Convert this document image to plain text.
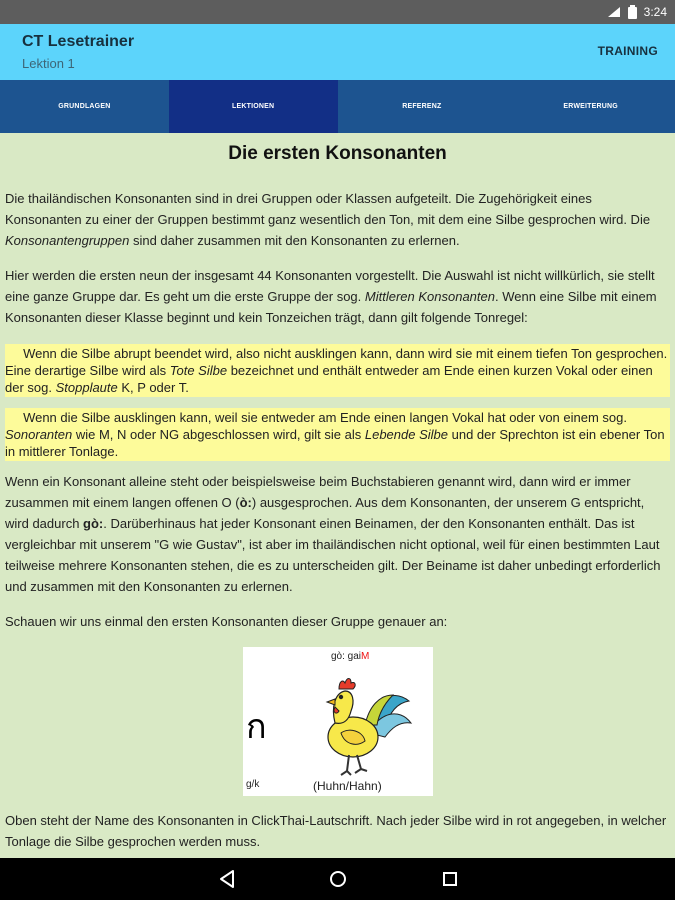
3:24
CT Lesetrainer
Lektion 1
TRAINING
GRUNDLAGEN	LEKTIONEN	REFERENZ	ERWEITERUNG
Die ersten Konsonanten
Die thailändischen Konsonanten sind in drei Gruppen oder Klassen aufgeteilt. Die Zugehörigkeit eines Konsonanten zu einer der Gruppen bestimmt ganz wesentlich den Ton, mit dem eine Silbe gesprochen wird. Die Konsonantengruppen sind daher zusammen mit den Konsonanten zu erlernen.
Hier werden die ersten neun der insgesamt 44 Konsonanten vorgestellt. Die Auswahl ist nicht willkürlich, sie stellt eine ganze Gruppe dar. Es geht um die erste Gruppe der sog. Mittleren Konsonanten. Wenn eine Silbe mit einem Konsonanten dieser Klasse beginnt und kein Tonzeichen trägt, dann gilt folgende Tonregel:
Wenn die Silbe abrupt beendet wird, also nicht ausklingen kann, dann wird sie mit einem tiefen Ton gesprochen. Eine derartige Silbe wird als Tote Silbe bezeichnet und enthält entweder am Ende einen kurzen Vokal oder einen der sog. Stopplaute K, P oder T.
Wenn die Silbe ausklingen kann, weil sie entweder am Ende einen langen Vokal hat oder von einem sog. Sonoranten wie M, N oder NG abgeschlossen wird, gilt sie als Lebende Silbe und der Sprechton ist ein ebener Ton in mittlerer Tonlage.
Wenn ein Konsonant alleine steht oder beispielsweise beim Buchstabieren genannt wird, dann wird er immer zusammen mit einem langen offenen O (ò:) ausgesprochen. Aus dem Konsonanten, der unserem G entspricht, wird dadurch gò:. Darüberhinaus hat jeder Konsonant einen Beinamen, der den Konsonanten enthält. Das ist vergleichbar mit unserem "G wie Gustav", ist aber im thailändischen nicht optional, weil für einen bestimmten Laut teilweise mehrere Konsonanten stehen, die es zu unterscheiden gilt. Der Beiname ist daher unbedingt erforderlich und zusammen mit den Konsonanten zu erlernen.
Schauen wir uns einmal den ersten Konsonanten dieser Gruppe genauer an:
gò: gaiM
ก
g/k	(Huhn/Hahn)
Oben steht der Name des Konsonanten in ClickThai-Lautschrift. Nach jeder Silbe wird in rot angegeben, in welcher Tonlage die Silbe gesprochen werden muss.
